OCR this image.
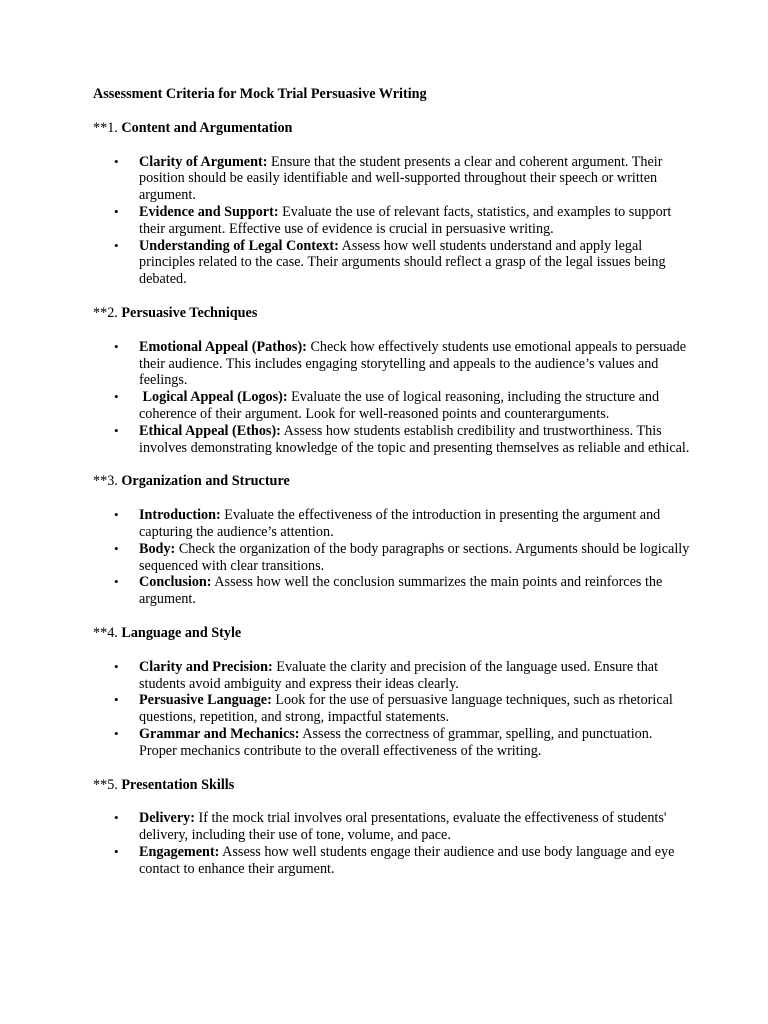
Assessment Criteria for Mock Trial Persuasive Writing
**1. Content and Argumentation
• Clarity of Argument: Ensure that the student presents a clear and coherent argument. Their position should be easily identifiable and well-supported throughout their speech or written argument.
• Evidence and Support: Evaluate the use of relevant facts, statistics, and examples to support their argument. Effective use of evidence is crucial in persuasive writing.
• Understanding of Legal Context: Assess how well students understand and apply legal principles related to the case. Their arguments should reflect a grasp of the legal issues being debated.
**2. Persuasive Techniques
• Emotional Appeal (Pathos): Check how effectively students use emotional appeals to persuade their audience. This includes engaging storytelling and appeals to the audience’s values and feelings.
• Logical Appeal (Logos): Evaluate the use of logical reasoning, including the structure and coherence of their argument. Look for well-reasoned points and counterarguments.
• Ethical Appeal (Ethos): Assess how students establish credibility and trustworthiness. This involves demonstrating knowledge of the topic and presenting themselves as reliable and ethical.
**3. Organization and Structure
• Introduction: Evaluate the effectiveness of the introduction in presenting the argument and capturing the audience’s attention.
• Body: Check the organization of the body paragraphs or sections. Arguments should be logically sequenced with clear transitions.
• Conclusion: Assess how well the conclusion summarizes the main points and reinforces the argument.
**4. Language and Style
• Clarity and Precision: Evaluate the clarity and precision of the language used. Ensure that students avoid ambiguity and express their ideas clearly.
• Persuasive Language: Look for the use of persuasive language techniques, such as rhetorical questions, repetition, and strong, impactful statements.
• Grammar and Mechanics: Assess the correctness of grammar, spelling, and punctuation. Proper mechanics contribute to the overall effectiveness of the writing.
**5. Presentation Skills
• Delivery: If the mock trial involves oral presentations, evaluate the effectiveness of students' delivery, including their use of tone, volume, and pace.
• Engagement: Assess how well students engage their audience and use body language and eye contact to enhance their argument.
